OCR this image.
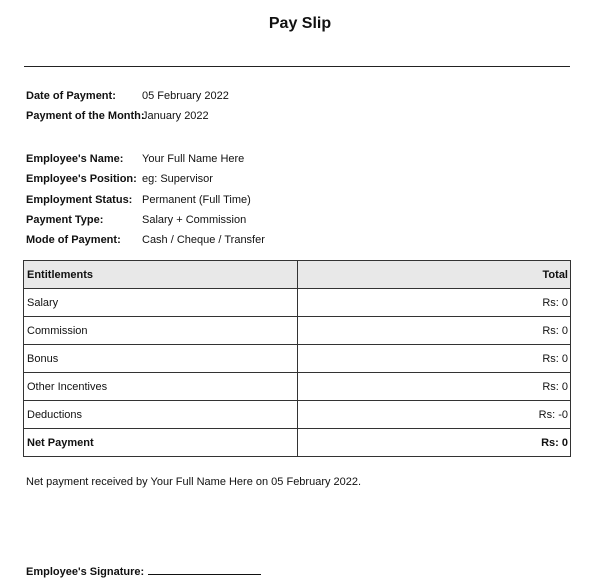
Pay Slip
Date of Payment: 05 February 2022
Payment of the Month:January 2022
Employee's Name: Your Full Name Here
Employee's Position: eg: Supervisor
Employment Status: Permanent (Full Time)
Payment Type:	Salary + Commission
Mode of Payment: Cash / Cheque / Transfer
Entitlements	Total
Salary	Rs: 0
Commission	Rs: 0
Bonus	Rs: 0
Other Incentives	Rs: 0
Deductions	Rs: -0
Net Payment	Rs: 0
Net payment received by Your Full Name Here on 05 February 2022.
Employee's Signature:
